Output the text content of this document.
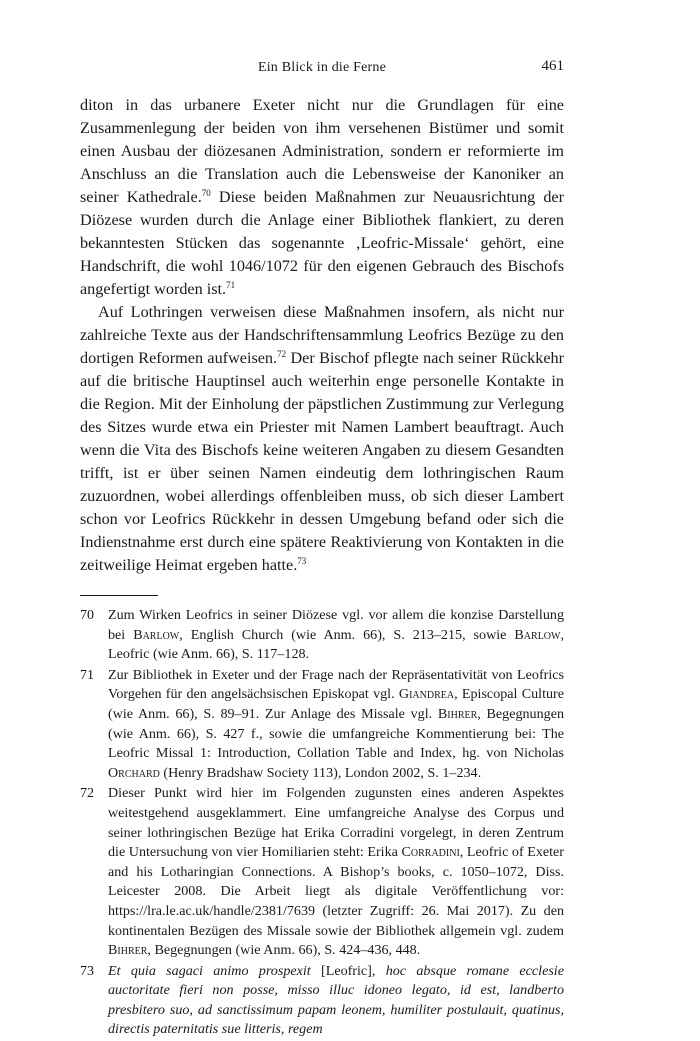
Ein Blick in die Ferne	461

diton in das urbanere Exeter nicht nur die Grundlagen für eine Zusammenlegung der beiden von ihm versehenen Bistümer und somit einen Ausbau der diözesanen Administration, sondern er reformierte im Anschluss an die Translation auch die Lebensweise der Kanoniker an seiner Kathedrale.$^{70}$ Diese beiden Maßnahmen zur Neuausrichtung der Diözese wurden durch die Anlage einer Bibliothek flankiert, zu deren bekanntesten Stücken das sogenannte ‚Leofric-Missale‘ gehört, eine Handschrift, die wohl 1046/1072 für den eigenen Gebrauch des Bischofs angefertigt worden ist.$^{71}$

Auf Lothringen verweisen diese Maßnahmen insofern, als nicht nur zahlreiche Texte aus der Handschriftensammlung Leofrics Bezüge zu den dortigen Reformen aufweisen.$^{72}$ Der Bischof pflegte nach seiner Rückkehr auf die britische Hauptinsel auch weiterhin enge personelle Kontakte in die Region. Mit der Einholung der päpstlichen Zustimmung zur Verlegung des Sitzes wurde etwa ein Priester mit Namen Lambert beauftragt. Auch wenn die Vita des Bischofs keine weiteren Angaben zu diesem Gesandten trifft, ist er über seinen Namen eindeutig dem lothringischen Raum zuzuordnen, wobei allerdings offenbleiben muss, ob sich dieser Lambert schon vor Leofrics Rückkehr in dessen Umgebung befand oder sich die Indienstnahme erst durch eine spätere Reaktivierung von Kontakten in die zeitweilige Heimat ergeben hatte.$^{73}$

70 Zum Wirken Leofrics in seiner Diözese vgl. vor allem die konzise Darstellung bei Barlow, English Church (wie Anm. 66), S. 213–215, sowie Barlow, Leofric (wie Anm. 66), S. 117–128.
71 Zur Bibliothek in Exeter und der Frage nach der Repräsentativität von Leofrics Vorgehen für den angelsächsischen Episkopat vgl. Giandrea, Episcopal Culture (wie Anm. 66), S. 89–91. Zur Anlage des Missale vgl. Bihrer, Begegnungen (wie Anm. 66), S. 427 f., sowie die umfangreiche Kommentierung bei: The Leofric Missal 1: Introduction, Collation Table and Index, hg. von Nicholas Orchard (Henry Bradshaw Society 113), London 2002, S. 1–234.
72 Dieser Punkt wird hier im Folgenden zugunsten eines anderen Aspektes weitestgehend ausgeklammert. Eine umfangreiche Analyse des Corpus und seiner lothringischen Bezüge hat Erika Corradini vorgelegt, in deren Zentrum die Untersuchung von vier Homiliarien steht: Erika Corradini, Leofric of Exeter and his Lotharingian Connections. A Bishop’s books, c. 1050–1072, Diss. Leicester 2008. Die Arbeit liegt als digitale Veröffentlichung vor: https://lra.le.ac.uk/handle/2381/7639 (letzter Zugriff: 26. Mai 2017). Zu den kontinentalen Bezügen des Missale sowie der Bibliothek allgemein vgl. zudem Bihrer, Begegnungen (wie Anm. 66), S. 424–436, 448.
73 Et quia sagaci animo prospexit [Leofric], hoc absque romane ecclesie auctoritate fieri non posse, misso illuc idoneo legato, id est, landberto presbitero suo, ad sanctissimum papam leonem, humiliter postulauit, quatinus, directis paternitatis sue litteris, regem
